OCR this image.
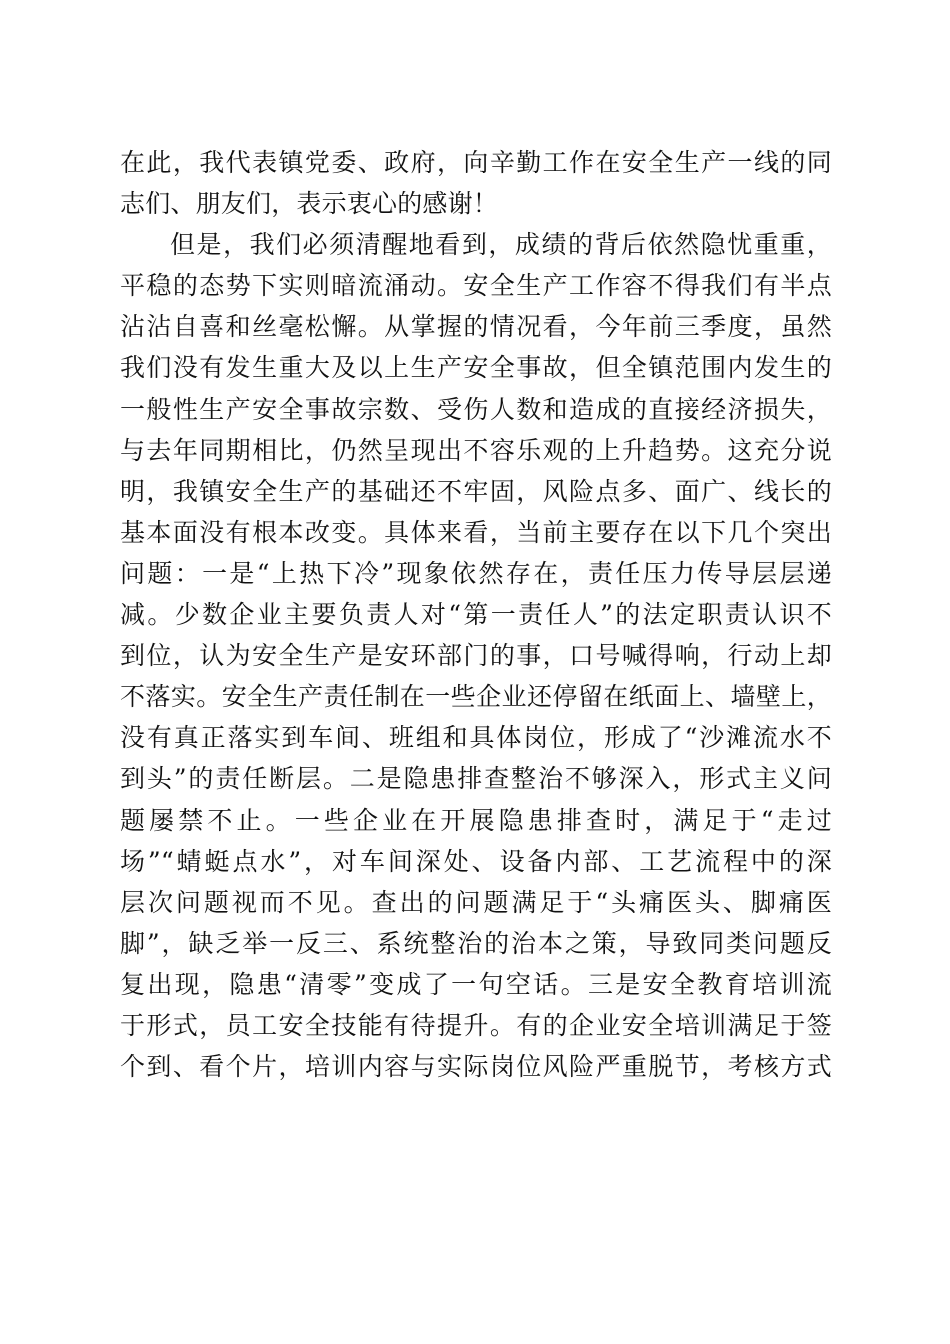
在此，我代表镇党委、政府，向辛勤工作在安全生产一线的同
志们、朋友们，表示衷心的感谢！
但是，我们必须清醒地看到，成绩的背后依然隐忧重重，
平稳的态势下实则暗流涌动。安全生产工作容不得我们有半点
沾沾自喜和丝毫松懈。从掌握的情况看，今年前三季度，虽然
我们没有发生重大及以上生产安全事故，但全镇范围内发生的
一般性生产安全事故宗数、受伤人数和造成的直接经济损失，
与去年同期相比，仍然呈现出不容乐观的上升趋势。这充分说
明，我镇安全生产的基础还不牢固，风险点多、面广、线长的
基本面没有根本改变。具体来看，当前主要存在以下几个突出
问题：一是“上热下冷”现象依然存在，责任压力传导层层递
减。少数企业主要负责人对“第一责任人”的法定职责认识不
到位，认为安全生产是安环部门的事，口号喊得响，行动上却
不落实。安全生产责任制在一些企业还停留在纸面上、墙壁上，
没有真正落实到车间、班组和具体岗位，形成了“沙滩流水不
到头”的责任断层。二是隐患排查整治不够深入，形式主义问
题屡禁不止。一些企业在开展隐患排查时，满足于“走过
场”“蜻蜓点水”，对车间深处、设备内部、工艺流程中的深
层次问题视而不见。查出的问题满足于“头痛医头、脚痛医
脚”，缺乏举一反三、系统整治的治本之策，导致同类问题反
复出现，隐患“清零”变成了一句空话。三是安全教育培训流
于形式，员工安全技能有待提升。有的企业安全培训满足于签
个到、看个片，培训内容与实际岗位风险严重脱节，考核方式
